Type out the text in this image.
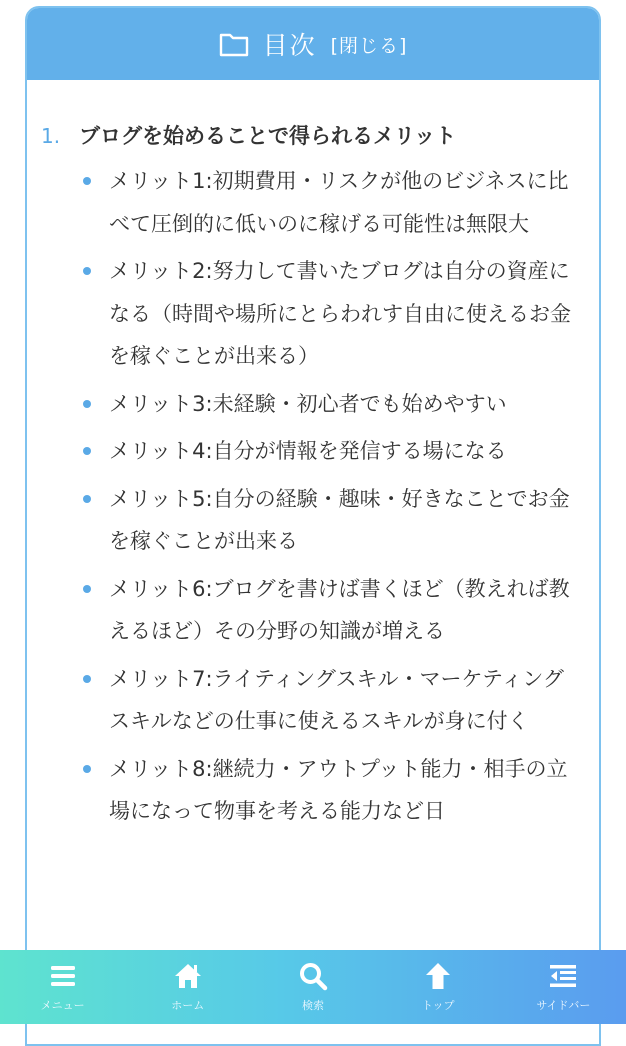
目次 [閉じる]
1. ブログを始めることで得られるメリット
メリット1:初期費用・リスクが他のビジネスに比べて圧倒的に低いのに稼げる可能性は無限大
メリット2:努力して書いたブログは自分の資産になる（時間や場所にとらわれす自由に使えるお金を稼ぐことが出来る）
メリット3:未経験・初心者でも始めやすい
メリット4:自分が情報を発信する場になる
メリット5:自分の経験・趣味・好きなことでお金を稼ぐことが出来る
メリット6:ブログを書けば書くほど（教えれば教えるほど）その分野の知識が増える
メリット7:ライティングスキル・マーケティングスキルなどの仕事に使えるスキルが身に付く
メリット8:継続力・アウトプット能力・相手の立場になって物事を考える能力など日
メニュー	ホーム	検索	トップ	サイドバー
